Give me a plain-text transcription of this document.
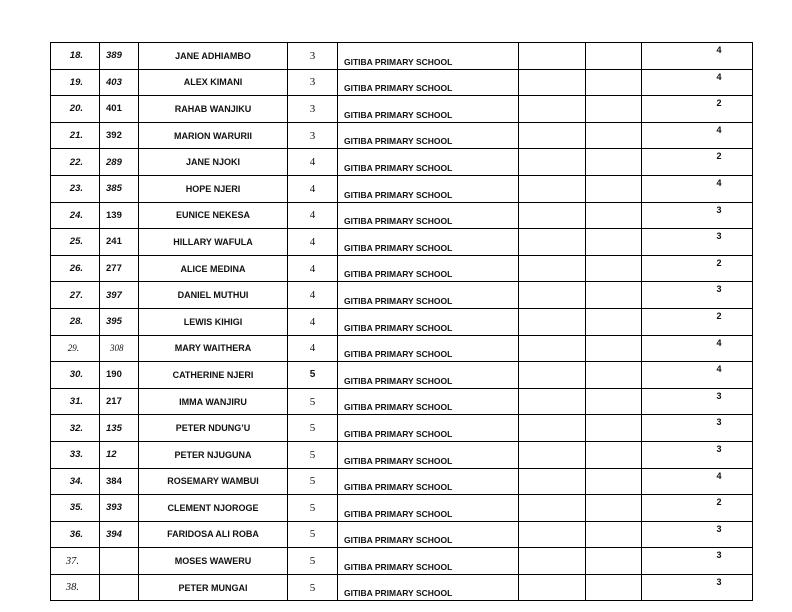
18.	389	JANE ADHIAMBO	3	GITIBA PRIMARY SCHOOL			4
19.	403	ALEX KIMANI	3	GITIBA PRIMARY SCHOOL			4
20.	401	RAHAB WANJIKU	3	GITIBA PRIMARY SCHOOL			2
21.	392	MARION WARURII	3	GITIBA PRIMARY SCHOOL			4
22.	289	JANE NJOKI	4	GITIBA PRIMARY SCHOOL			2
23.	385	HOPE NJERI	4	GITIBA PRIMARY SCHOOL			4
24.	139	EUNICE NEKESA	4	GITIBA PRIMARY SCHOOL			3
25.	241	HILLARY WAFULA	4	GITIBA PRIMARY SCHOOL			3
26.	277	ALICE MEDINA	4	GITIBA PRIMARY SCHOOL			2
27.	397	DANIEL MUTHUI	4	GITIBA PRIMARY SCHOOL			3
28.	395	LEWIS KIHIGI	4	GITIBA PRIMARY SCHOOL			2
29.	308	MARY WAITHERA	4	GITIBA PRIMARY SCHOOL			4
30.	190	CATHERINE NJERI	5	GITIBA PRIMARY SCHOOL			4
31.	217	IMMA WANJIRU	5	GITIBA PRIMARY SCHOOL			3
32.	135	PETER NDUNG’U	5	GITIBA PRIMARY SCHOOL			3
33.	12	PETER NJUGUNA	5	GITIBA PRIMARY SCHOOL			3
34.	384	ROSEMARY WAMBUI	5	GITIBA PRIMARY SCHOOL			4
35.	393	CLEMENT NJOROGE	5	GITIBA PRIMARY SCHOOL			2
36.	394	FARIDOSA ALI ROBA	5	GITIBA PRIMARY SCHOOL			3
37.		MOSES WAWERU	5	GITIBA PRIMARY SCHOOL			3
38.		PETER MUNGAI	5	GITIBA PRIMARY SCHOOL			3
